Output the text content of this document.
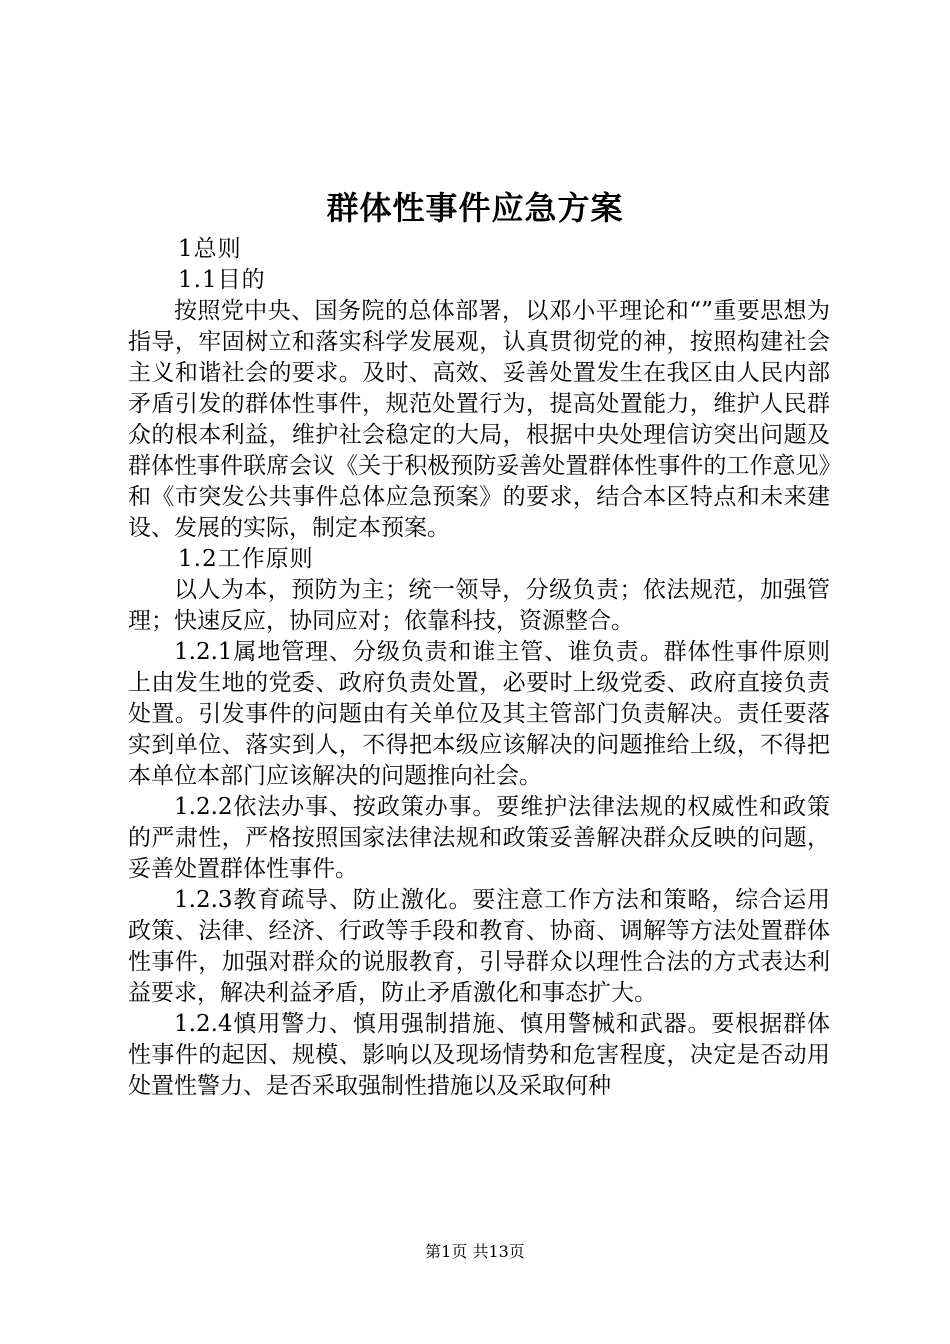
群体性事件应急方案

1总则

1.1目的

按照党中央、国务院的总体部署，以邓小平理论和“”重要思想为指导，牢固树立和落实科学发展观，认真贯彻党的神，按照构建社会主义和谐社会的要求。及时、高效、妥善处置发生在我区由人民内部矛盾引发的群体性事件，规范处置行为，提高处置能力，维护人民群众的根本利益，维护社会稳定的大局，根据中央处理信访突出问题及群体性事件联席会议《关于积极预防妥善处置群体性事件的工作意见》和《市突发公共事件总体应急预案》的要求，结合本区特点和未来建设、发展的实际，制定本预案。

1.2工作原则

以人为本，预防为主；统一领导，分级负责；依法规范，加强管理；快速反应，协同应对；依靠科技，资源整合。

1.2.1属地管理、分级负责和谁主管、谁负责。群体性事件原则上由发生地的党委、政府负责处置，必要时上级党委、政府直接负责处置。引发事件的问题由有关单位及其主管部门负责解决。责任要落实到单位、落实到人，不得把本级应该解决的问题推给上级，不得把本单位本部门应该解决的问题推向社会。

1.2.2依法办事、按政策办事。要维护法律法规的权威性和政策的严肃性，严格按照国家法律法规和政策妥善解决群众反映的问题，妥善处置群体性事件。

1.2.3教育疏导、防止激化。要注意工作方法和策略，综合运用政策、法律、经济、行政等手段和教育、协商、调解等方法处置群体性事件，加强对群众的说服教育，引导群众以理性合法的方式表达利益要求，解决利益矛盾，防止矛盾激化和事态扩大。

1.2.4慎用警力、慎用强制措施、慎用警械和武器。要根据群体性事件的起因、规模、影响以及现场情势和危害程度，决定是否动用处置性警力、是否采取强制性措施以及采取何种

第1页 共13页
